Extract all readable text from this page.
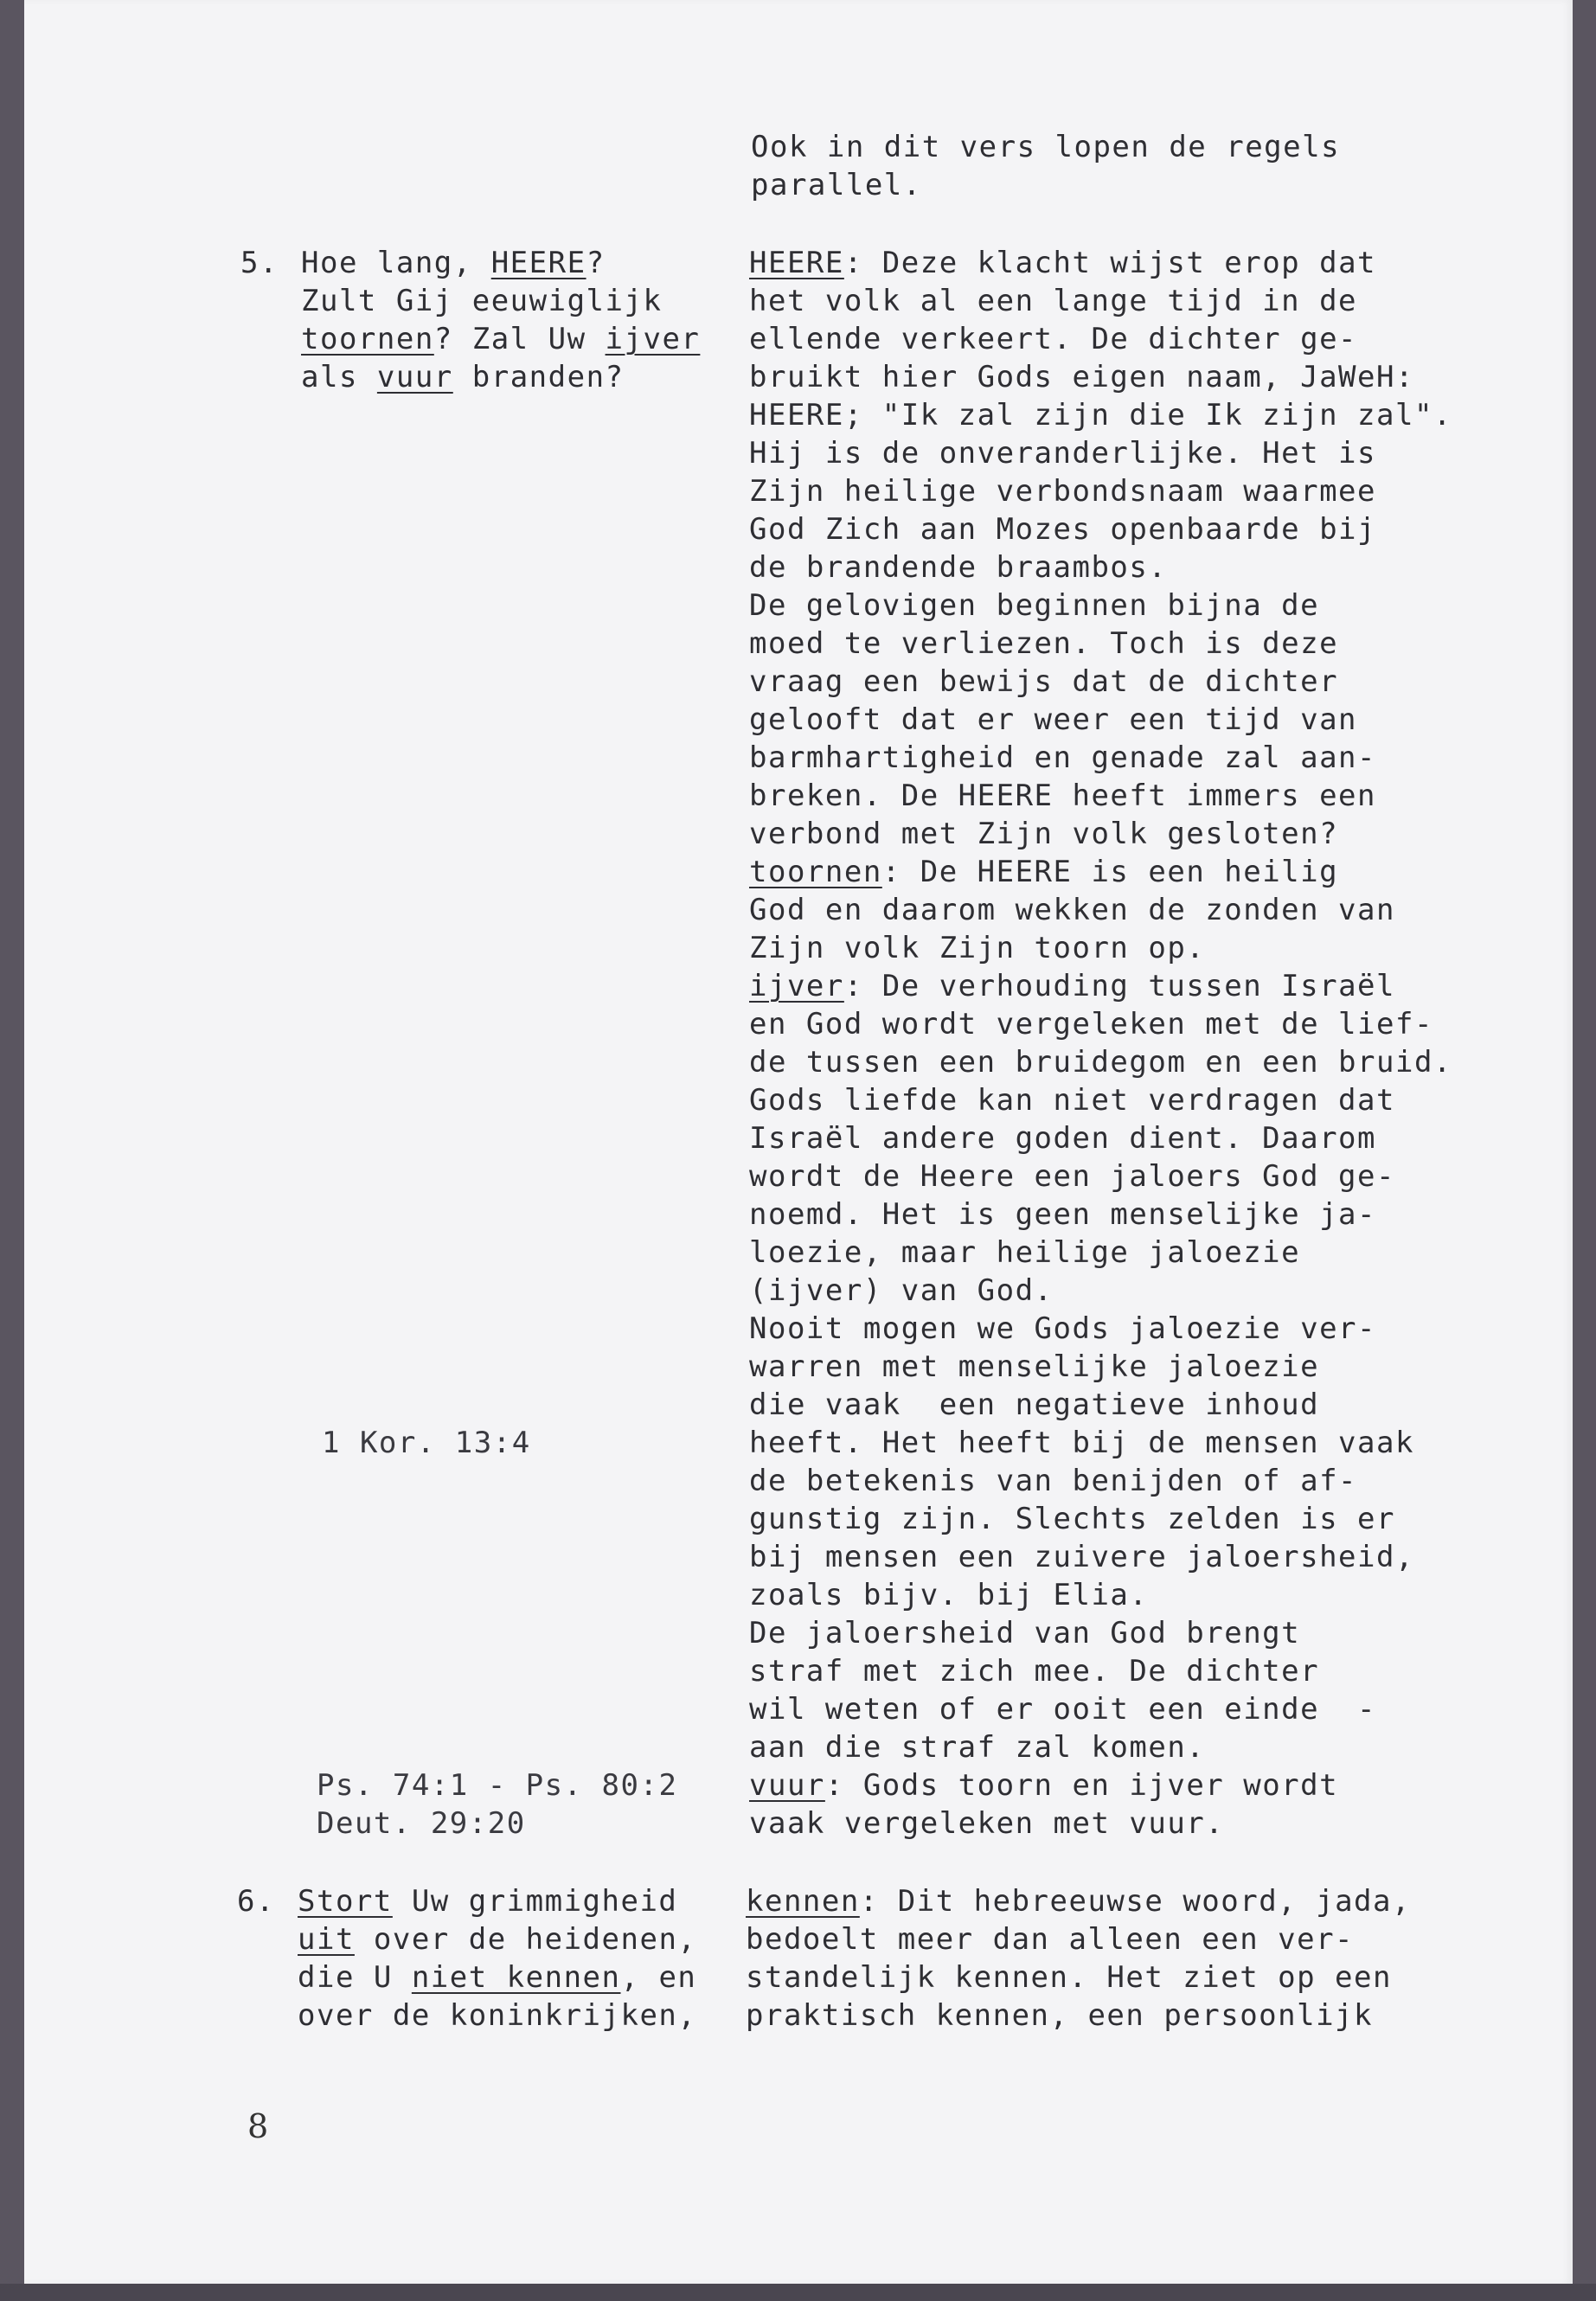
Ook in dit vers lopen de regels
parallel.
5. Hoe lang, HEERE?
Zult Gij eeuwiglijk
toornen? Zal Uw ijver
als vuur branden?
HEERE: Deze klacht wijst erop dat
het volk al een lange tijd in de
ellende verkeert. De dichter ge-
bruikt hier Gods eigen naam, JaWeH:
HEERE; "Ik zal zijn die Ik zijn zal".
Hij is de onveranderlijke. Het is
Zijn heilige verbondsnaam waarmee
God Zich aan Mozes openbaarde bij
de brandende braambos.
De gelovigen beginnen bijna de
moed te verliezen. Toch is deze
vraag een bewijs dat de dichter
gelooft dat er weer een tijd van
barmhartigheid en genade zal aan-
breken. De HEERE heeft immers een
verbond met Zijn volk gesloten?
toornen: De HEERE is een heilig
God en daarom wekken de zonden van
Zijn volk Zijn toorn op.
ijver: De verhouding tussen Israël
en God wordt vergeleken met de lief-
de tussen een bruidegom en een bruid.
Gods liefde kan niet verdragen dat
Israël andere goden dient. Daarom
wordt de Heere een jaloers God ge-
noemd. Het is geen menselijke ja-
loezie, maar heilige jaloezie
(ijver) van God.
Nooit mogen we Gods jaloezie ver-
warren met menselijke jaloezie
die vaak  een negatieve inhoud
heeft. Het heeft bij de mensen vaak
de betekenis van benijden of af-
gunstig zijn. Slechts zelden is er
bij mensen een zuivere jaloersheid,
zoals bijv. bij Elia.
De jaloersheid van God brengt
straf met zich mee. De dichter
wil weten of er ooit een einde  -
aan die straf zal komen.
vuur: Gods toorn en ijver wordt
vaak vergeleken met vuur.
1 Kor. 13:4
Ps. 74:1 - Ps. 80:2
Deut. 29:20
6. Stort Uw grimmigheid
uit over de heidenen,
die U niet kennen, en
over de koninkrijken,
kennen: Dit hebreeuwse woord, jada,
bedoelt meer dan alleen een ver-
standelijk kennen. Het ziet op een
praktisch kennen, een persoonlijk
8
